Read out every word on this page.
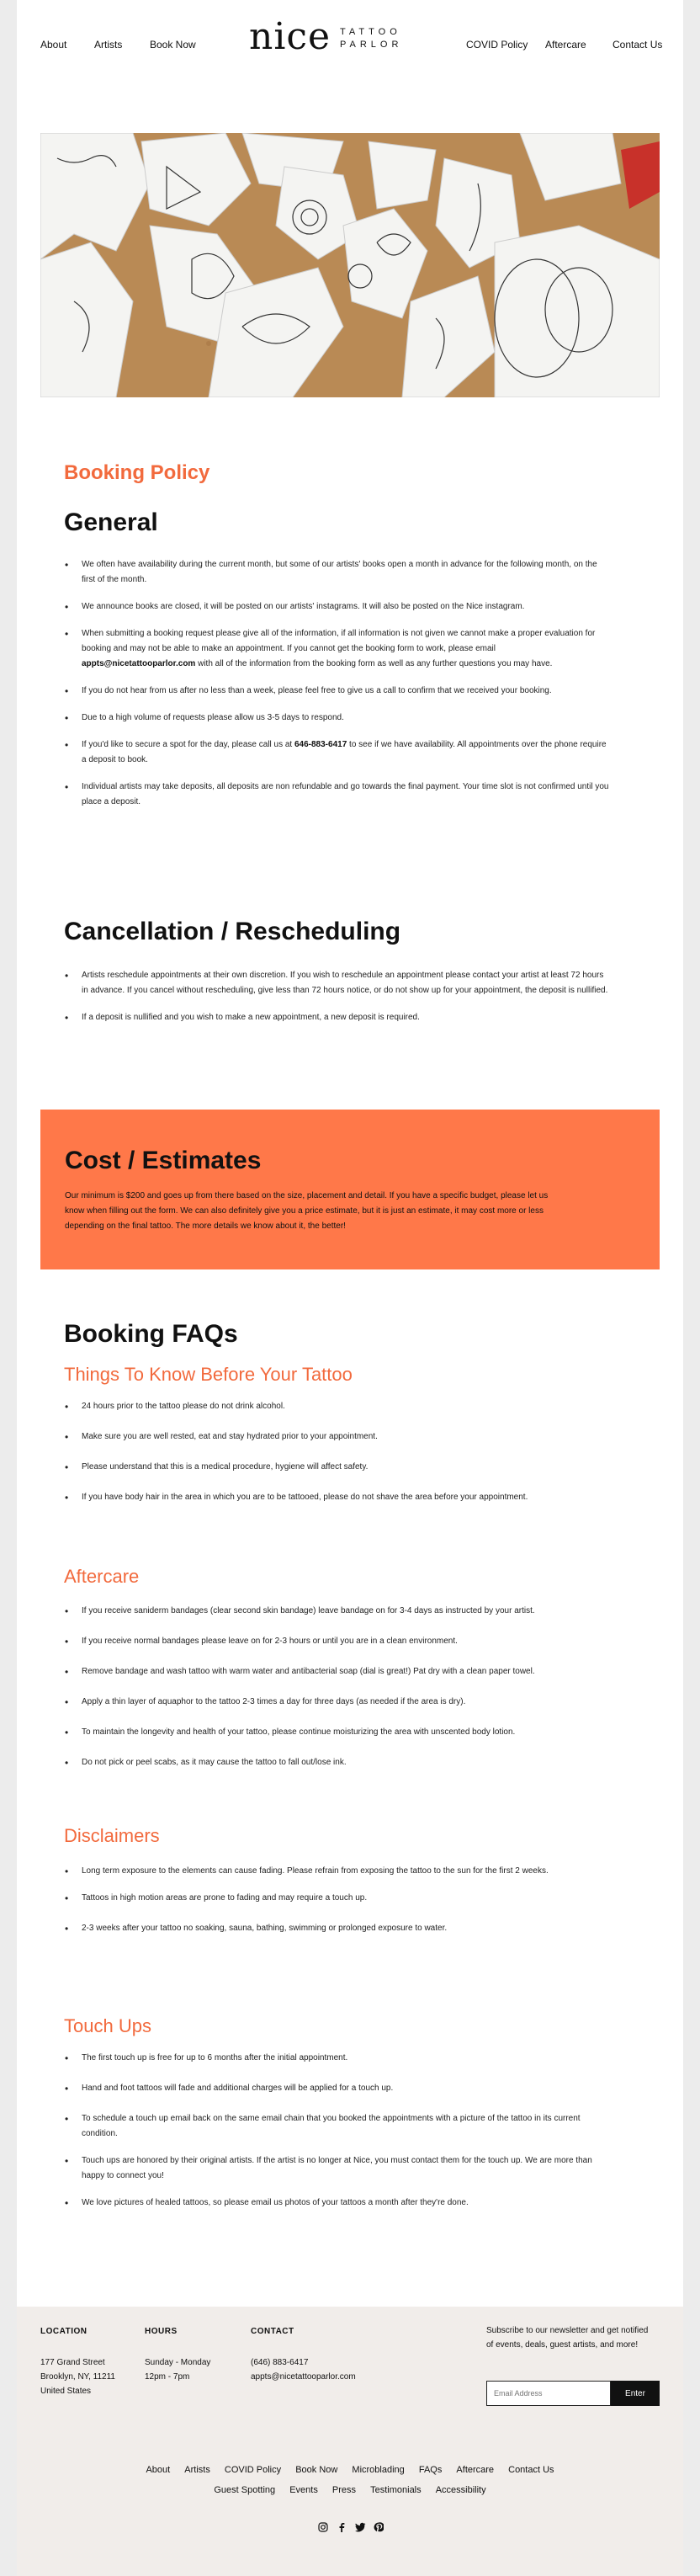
About	Artists	Book Now nice TATTOO
PARLOR	COVID Policy Aftercare	Contact Us
Booking Policy
General
• We often have availability during the current month, but some of our artists' books open a month in advance for the following month, on the first of the month.
• We announce books are closed, it will be posted on our artists' instagrams. It will also be posted on the Nice instagram.
• When submitting a booking request please give all of the information, if all information is not given we cannot make a proper evaluation for booking and may not be able to make an appointment. If you cannot get the booking form to work, please email appts@nicetattooparlor.com with all of the information from the booking form as well as any further questions you may have.
• If you do not hear from us after no less than a week, please feel free to give us a call to confirm that we received your booking.
• Due to a high volume of requests please allow us 3-5 days to respond.
• If you'd like to secure a spot for the day, please call us at 646-883-6417 to see if we have availability. All appointments over the phone require a deposit to book.
• Individual artists may take deposits, all deposits are non refundable and go towards the final payment. Your time slot is not confirmed until you place a deposit.
Cancellation / Rescheduling
• Artists reschedule appointments at their own discretion. If you wish to reschedule an appointment please contact your artist at least 72 hours in advance. If you cancel without rescheduling, give less than 72 hours notice, or do not show up for your appointment, the deposit is nullified.
• If a deposit is nullified and you wish to make a new appointment, a new deposit is required.
Cost / Estimates

Our minimum is $200 and goes up from there based on the size, placement and detail. If you have a specific budget, please let us know when filling out the form. We can also definitely give you a price estimate, but it is just an estimate, it may cost more or less depending on the final tattoo. The more details we know about it, the better!

Booking FAQs
Things To Know Before Your Tattoo
• 24 hours prior to the tattoo please do not drink alcohol.
• Make sure you are well rested, eat and stay hydrated prior to your appointment.
• Please understand that this is a medical procedure, hygiene will affect safety.
• If you have body hair in the area in which you are to be tattooed, please do not shave the area before your appointment.
Aftercare
• If you receive saniderm bandages (clear second skin bandage) leave bandage on for 3-4 days as instructed by your artist.
• If you receive normal bandages please leave on for 2-3 hours or until you are in a clean environment.
• Remove bandage and wash tattoo with warm water and antibacterial soap (dial is great!) Pat dry with a clean paper towel.
• Apply a thin layer of aquaphor to the tattoo 2-3 times a day for three days (as needed if the area is dry).
• To maintain the longevity and health of your tattoo, please continue moisturizing the area with unscented body lotion.
• Do not pick or peel scabs, as it may cause the tattoo to fall out/lose ink.
Disclaimers
• Long term exposure to the elements can cause fading. Please refrain from exposing the tattoo to the sun for the first 2 weeks.
• Tattoos in high motion areas are prone to fading and may require a touch up.
• 2-3 weeks after your tattoo no soaking, sauna, bathing, swimming or prolonged exposure to water.
Touch Ups
• The first touch up is free for up to 6 months after the initial appointment.
• Hand and foot tattoos will fade and additional charges will be applied for a touch up.
• To schedule a touch up email back on the same email chain that you booked the appointments with a picture of the tattoo in its current condition.
• Touch ups are honored by their original artists. If the artist is no longer at Nice, you must contact them for the touch up. We are more than happy to connect you!
• We love pictures of healed tattoos, so please email us photos of your tattoos a month after they're done.
LOCATION
177 Grand Street
Brooklyn, NY, 11211
United States
HOURS
Sunday - Monday
12pm - 7pm
CONTACT
(646) 883-6417
appts@nicetattooparlor.com
Subscribe to our newsletter and get notified of events, deals, guest artists, and more!
Email Address
Enter
About Artists COVID Policy Book Now Microblading FAQs Aftercare Contact Us
Guest Spotting Events Press Testimonials Accessibility
